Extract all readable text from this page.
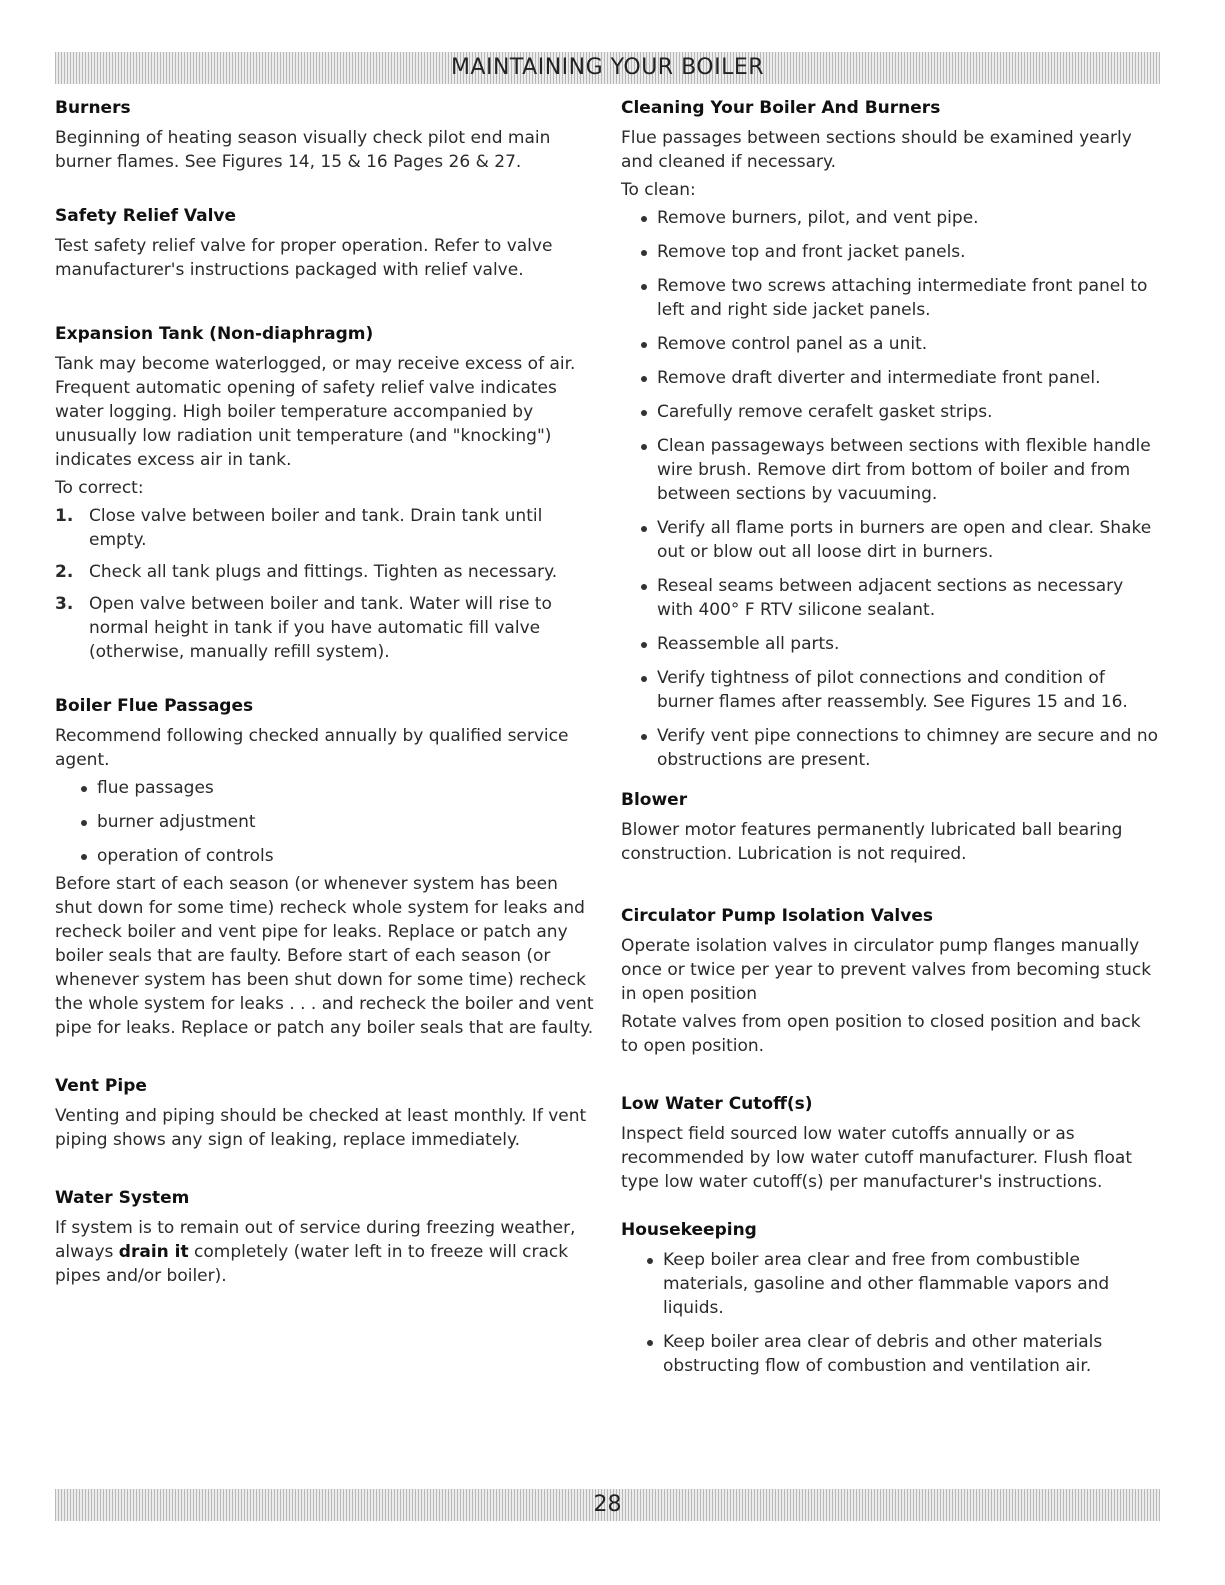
MAINTAINING YOUR BOILER
Burners

Beginning of heating season visually check pilot end main burner flames. See Figures 14, 15 & 16 Pages 26 & 27.

Safety Relief Valve

Test safety relief valve for proper operation. Refer to valve manufacturer's instructions packaged with relief valve.

Expansion Tank (Non-diaphragm)

Tank may become waterlogged, or may receive excess of air. Frequent automatic opening of safety relief valve indicates water logging. High boiler temperature accompanied by unusually low radiation unit temperature (and "knocking") indicates excess air in tank.

To correct:

1. Close valve between boiler and tank. Drain tank until empty.
2. Check all tank plugs and fittings. Tighten as necessary.
3. Open valve between boiler and tank. Water will rise to normal height in tank if you have automatic fill valve (otherwise, manually refill system).
Boiler Flue Passages

Recommend following checked annually by qualified service agent.

flue passages
burner adjustment
operation of controls

Before start of each season (or whenever system has been shut down for some time) recheck whole system for leaks and recheck boiler and vent pipe for leaks. Replace or patch any boiler seals that are faulty. Before start of each season (or whenever system has been shut down for some time) recheck the whole system for leaks . . . and recheck the boiler and vent pipe for leaks. Replace or patch any boiler seals that are faulty.

Vent Pipe

Venting and piping should be checked at least monthly. If vent piping shows any sign of leaking, replace immediately.

Water System

If system is to remain out of service during freezing weather, always drain it completely (water left in to freeze will crack pipes and/or boiler).

Cleaning Your Boiler And Burners

Flue passages between sections should be examined yearly and cleaned if necessary.

To clean:

Remove burners, pilot, and vent pipe.
Remove top and front jacket panels.
Remove two screws attaching intermediate front panel to left and right side jacket panels.
Remove control panel as a unit.
Remove draft diverter and intermediate front panel.
Carefully remove cerafelt gasket strips.
Clean passageways between sections with flexible handle wire brush. Remove dirt from bottom of boiler and from between sections by vacuuming.
Verify all flame ports in burners are open and clear. Shake out or blow out all loose dirt in burners.
Reseal seams between adjacent sections as necessary with 400° F RTV silicone sealant.
Reassemble all parts.
Verify tightness of pilot connections and condition of burner flames after reassembly. See Figures 15 and 16.
Verify vent pipe connections to chimney are secure and no obstructions are present.
Blower

Blower motor features permanently lubricated ball bearing construction. Lubrication is not required.

Circulator Pump Isolation Valves

Operate isolation valves in circulator pump flanges manually once or twice per year to prevent valves from becoming stuck in open position

Rotate valves from open position to closed position and back to open position.

Low Water Cutoff(s)

Inspect field sourced low water cutoffs annually or as recommended by low water cutoff manufacturer. Flush float type low water cutoff(s) per manufacturer's instructions.

Housekeeping
Keep boiler area clear and free from combustible materials, gasoline and other flammable vapors and liquids.
Keep boiler area clear of debris and other materials obstructing flow of combustion and ventilation air.
28
